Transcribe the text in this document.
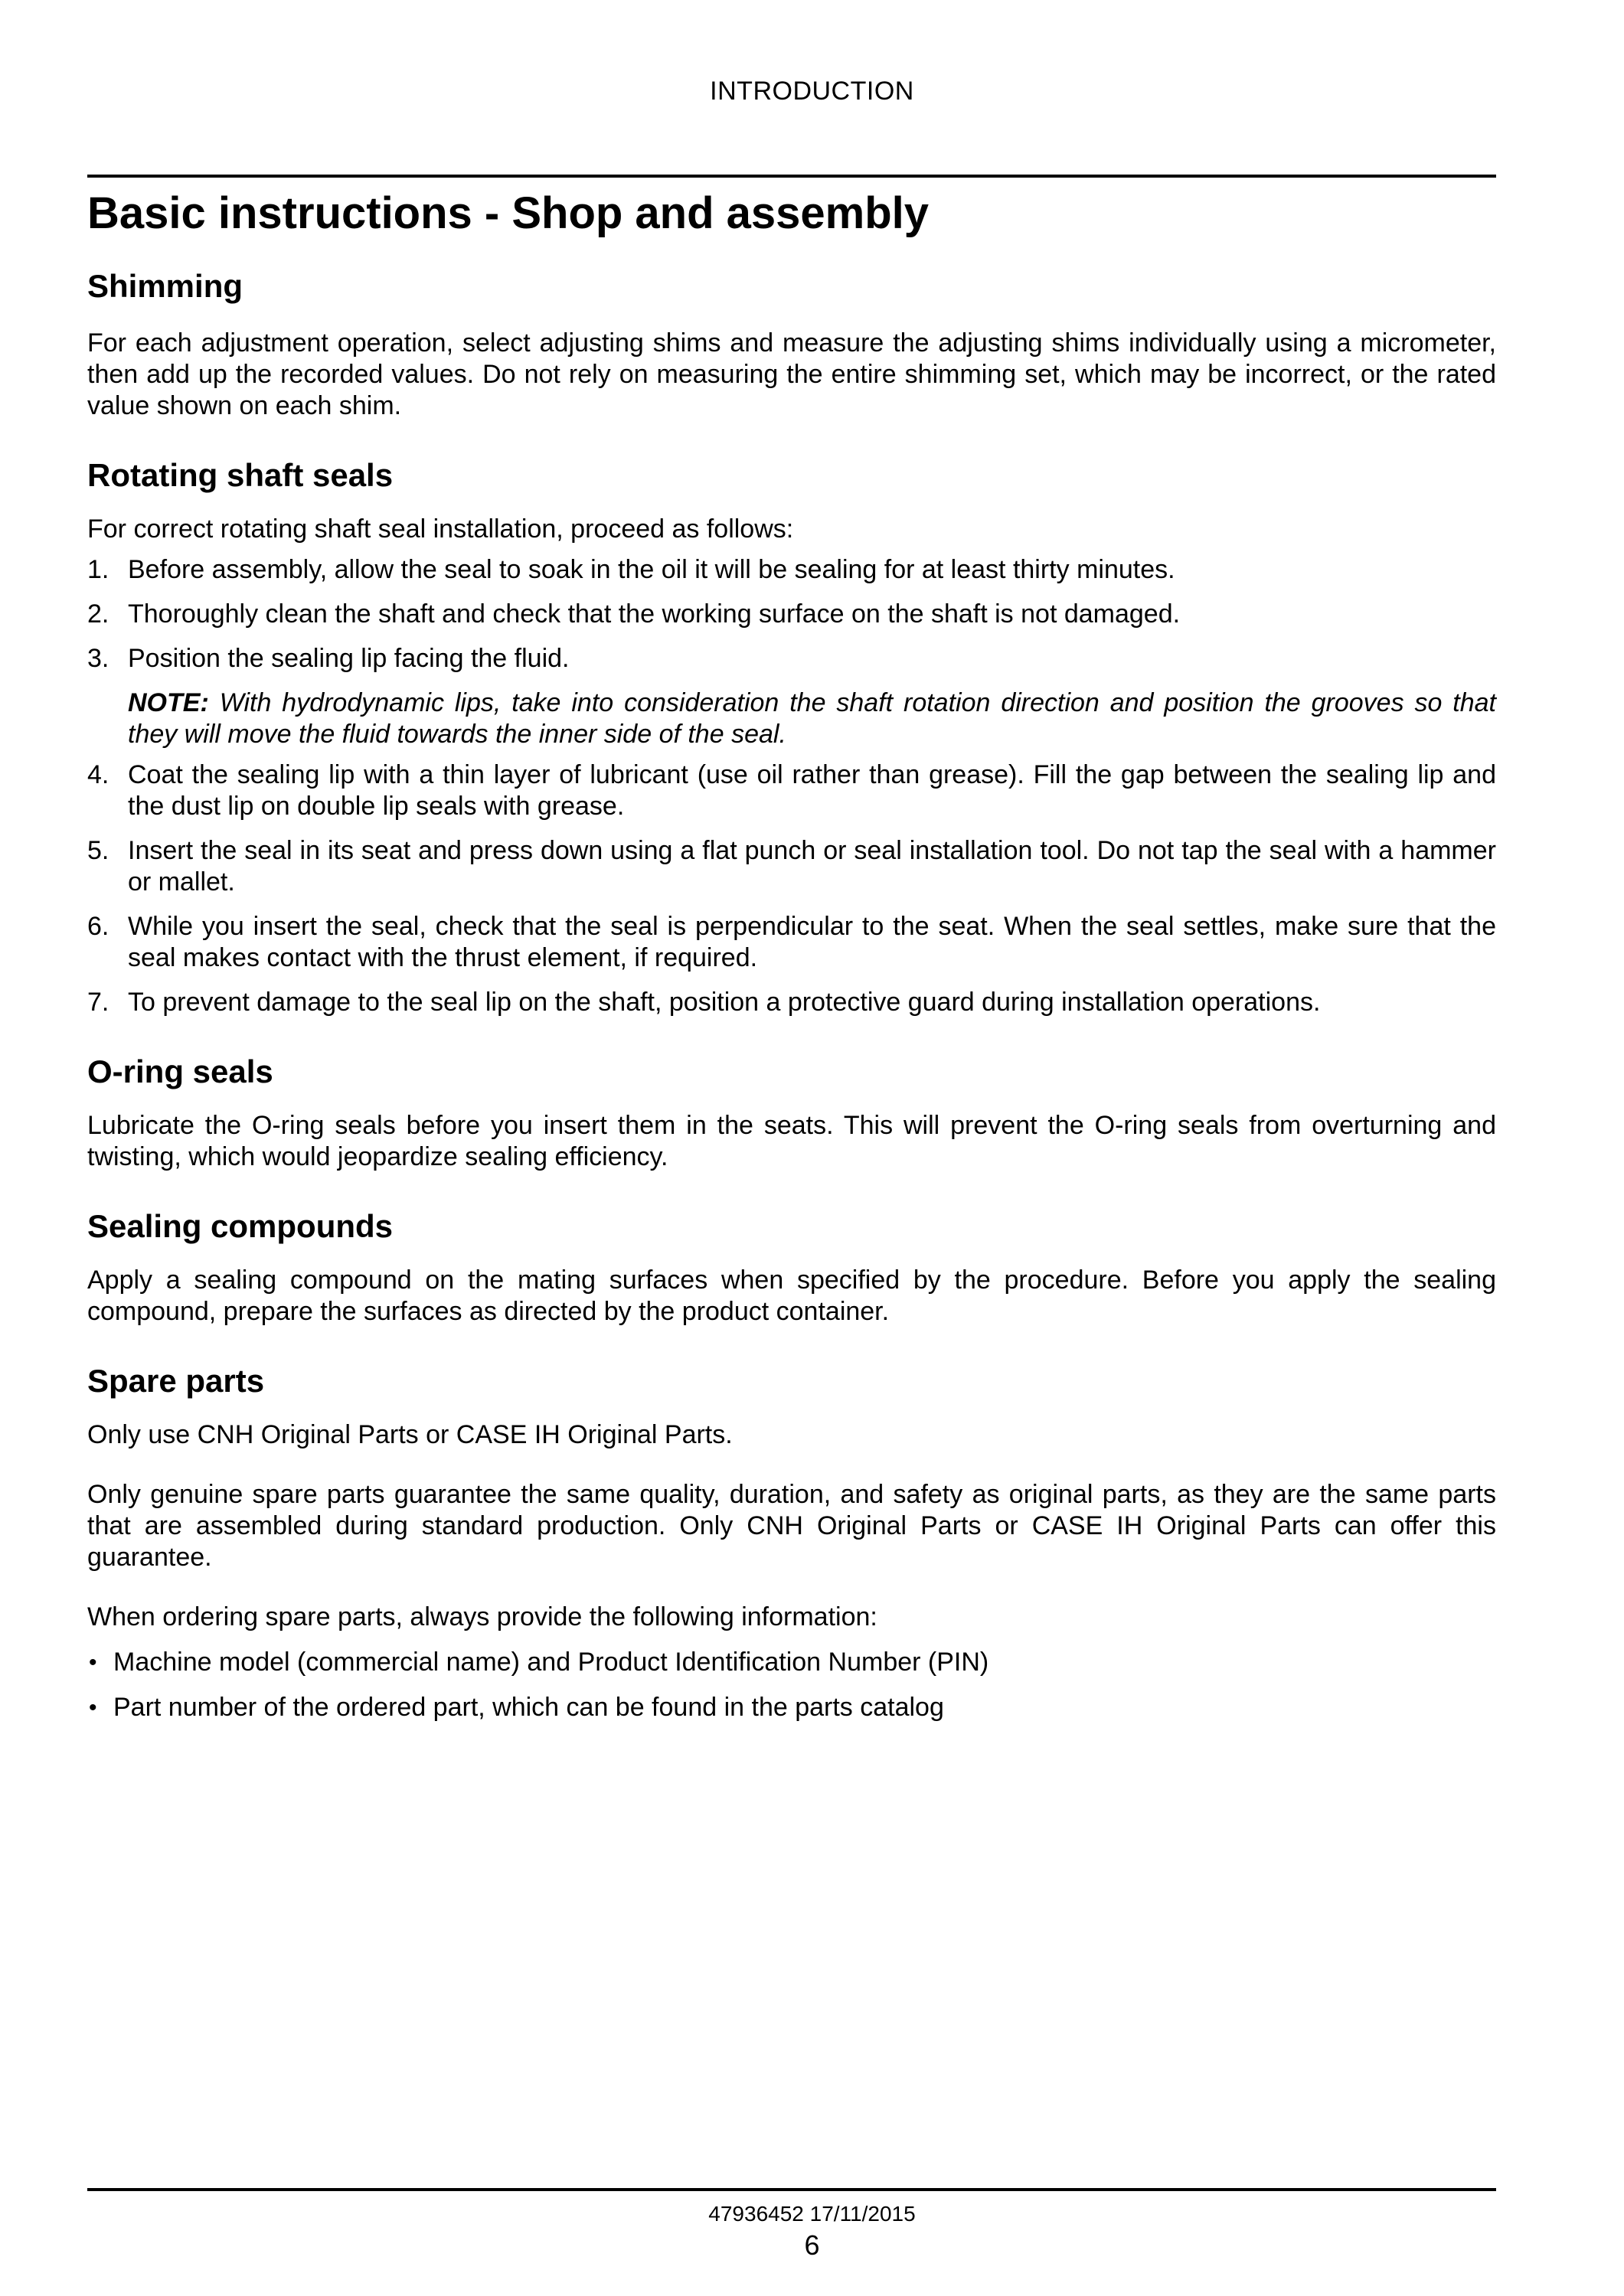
INTRODUCTION
Basic instructions - Shop and assembly
Shimming

For each adjustment operation, select adjusting shims and measure the adjusting shims individually using a micrometer, then add up the recorded values. Do not rely on measuring the entire shimming set, which may be incorrect, or the rated value shown on each shim.

Rotating shaft seals

For correct rotating shaft seal installation, proceed as follows:

1. Before assembly, allow the seal to soak in the oil it will be sealing for at least thirty minutes.
2. Thoroughly clean the shaft and check that the working surface on the shaft is not damaged.
3. Position the sealing lip facing the fluid.

NOTE: With hydrodynamic lips, take into consideration the shaft rotation direction and position the grooves so that they will move the fluid towards the inner side of the seal.

4. Coat the sealing lip with a thin layer of lubricant (use oil rather than grease). Fill the gap between the sealing lip and the dust lip on double lip seals with grease.
5. Insert the seal in its seat and press down using a flat punch or seal installation tool. Do not tap the seal with a hammer or mallet.
6. While you insert the seal, check that the seal is perpendicular to the seat. When the seal settles, make sure that the seal makes contact with the thrust element, if required.
7. To prevent damage to the seal lip on the shaft, position a protective guard during installation operations.
O-ring seals

Lubricate the O-ring seals before you insert them in the seats. This will prevent the O-ring seals from overturning and twisting, which would jeopardize sealing efficiency.

Sealing compounds

Apply a sealing compound on the mating surfaces when specified by the procedure. Before you apply the sealing compound, prepare the surfaces as directed by the product container.

Spare parts

Only use CNH Original Parts or CASE IH Original Parts.

Only genuine spare parts guarantee the same quality, duration, and safety as original parts, as they are the same parts that are assembled during standard production. Only CNH Original Parts or CASE IH Original Parts can offer this guarantee.

When ordering spare parts, always provide the following information:

• Machine model (commercial name) and Product Identification Number (PIN)
• Part number of the ordered part, which can be found in the parts catalog
47936452 17/11/2015
6
